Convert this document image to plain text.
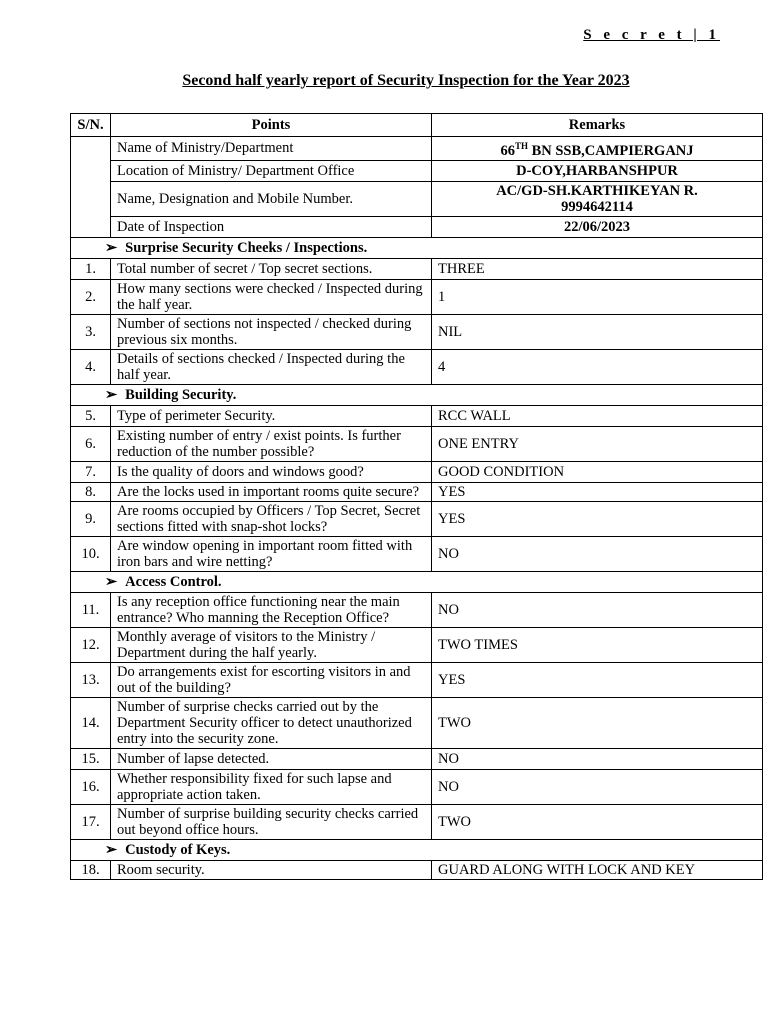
S e c r e t | 1
Second half yearly report of Security Inspection for the Year 2023
S/N.	Points	Remarks
	Name of Ministry/Department	66TH BN SSB,CAMPIERGANJ
	Location of Ministry/ Department Office	D-COY,HARBANSHPUR
	Name, Designation and Mobile Number.	AC/GD-SH.KARTHIKEYAN R.
9994642114
	Date of Inspection	22/06/2023
➢ Surprise Security Cheeks / Inspections.		
1.	Total number of secret / Top secret sections.	THREE
2.	How many sections were checked / Inspected during the half year.	1
3.	Number of sections not inspected / checked during previous six months.	NIL
4.	Details of sections checked / Inspected during the half year.	4
➢ Building Security.		
5.	Type of perimeter Security.	RCC WALL
6.	Existing number of entry / exist points. Is further reduction of the number possible?	ONE ENTRY
7.	Is the quality of doors and windows good?	GOOD CONDITION
8.	Are the locks used in important rooms quite secure?	YES
9.	Are rooms occupied by Officers / Top Secret, Secret sections fitted with snap-shot locks?	YES
10.	Are window opening in important room fitted with iron bars and wire netting?	NO
➢ Access Control.		
11.	Is any reception office functioning near the main entrance? Who manning the Reception Office?	NO
12.	Monthly average of visitors to the Ministry / Department during the half yearly.	TWO TIMES
13.	Do arrangements exist for escorting visitors in and out of the building?	YES
14.	Number of surprise checks carried out by the Department Security officer to detect unauthorized entry into the security zone.	TWO
15.	Number of lapse detected.	NO
16.	Whether responsibility fixed for such lapse and appropriate action taken.	NO
17.	Number of surprise building security checks carried out beyond office hours.	TWO
➢ Custody of Keys.		
18.	Room security.	GUARD ALONG WITH LOCK AND KEY
